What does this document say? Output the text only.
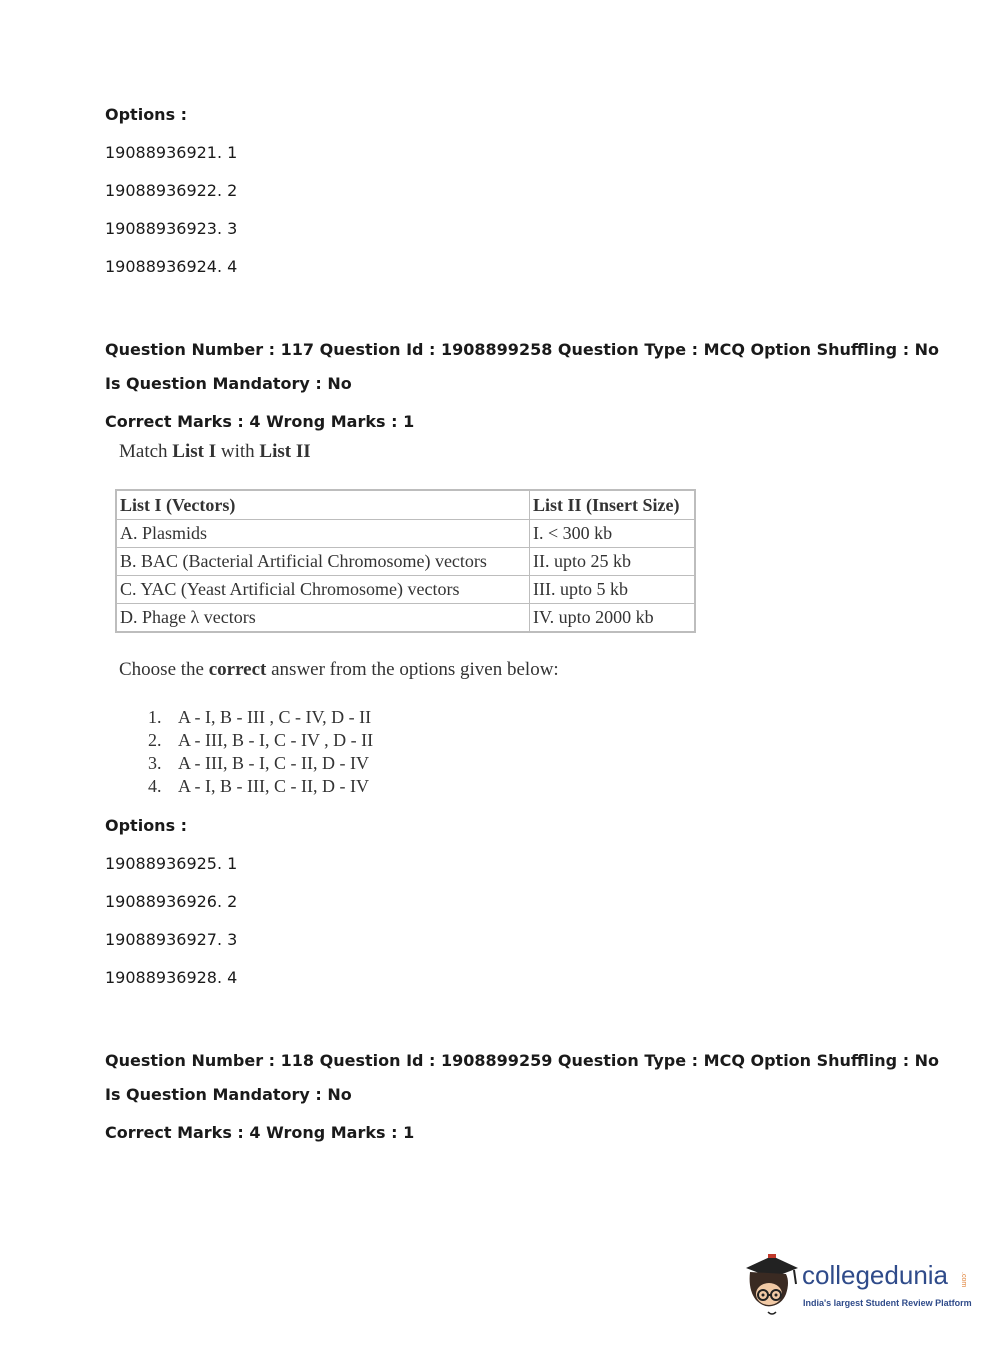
Options :
19088936921. 1
19088936922. 2
19088936923. 3
19088936924. 4
Question Number : 117 Question Id : 1908899258 Question Type : MCQ Option Shuffling : No
Is Question Mandatory : No
Correct Marks : 4 Wrong Marks : 1
Match List I with List II
List I (Vectors)	List II (Insert Size)
A. Plasmids	I. < 300 kb
B. BAC (Bacterial Artificial Chromosome) vectors	II. upto 25 kb
C. YAC (Yeast Artificial Chromosome) vectors	III. upto 5 kb
D. Phage λ vectors	IV. upto 2000 kb
Choose the correct answer from the options given below:
1. A - I, B - III , C - IV, D - II
2. A - III, B - I, C - IV , D - II
3. A - III, B - I, C - II, D - IV
4. A - I, B - III, C - II, D - IV
Options :
19088936925. 1
19088936926. 2
19088936927. 3
19088936928. 4
Question Number : 118 Question Id : 1908899259 Question Type : MCQ Option Shuffling : No
Is Question Mandatory : No
Correct Marks : 4 Wrong Marks : 1
collegedunia .com
India's largest Student Review Platform
